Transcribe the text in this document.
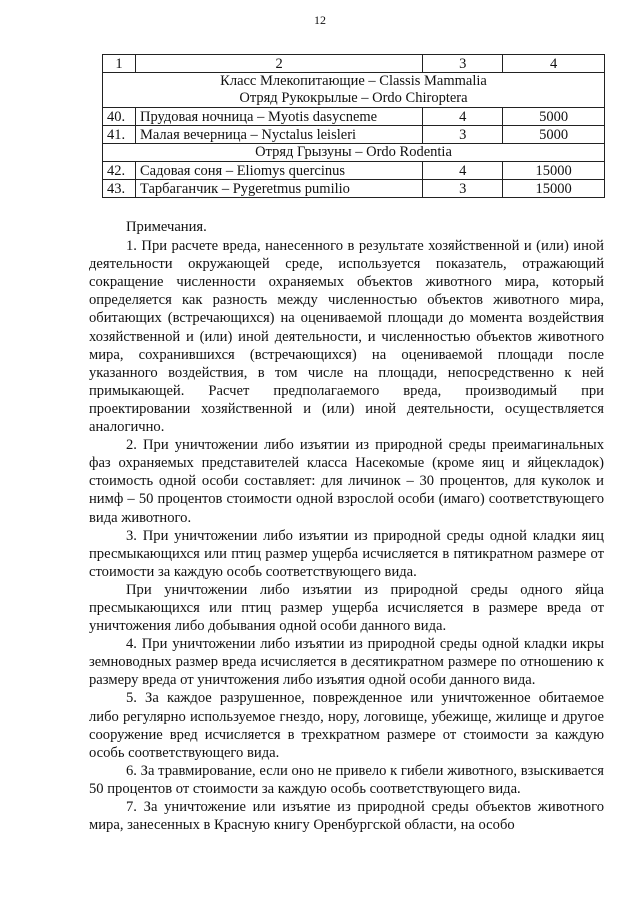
12
1	2	3	4

Класс Млекопитающие – Classis Mammalia
Отряд Рукокрылые – Ordo Chiroptera			

40.	Прудовая ночница – Myotis dasycneme	4	5000
41.	Малая вечерница – Nyctalus leisleri	3	5000
Отряд Грызуны – Ordo Rodentia			
42.	Садовая соня – Eliomys quercinus	4	15000
43.	Тарбаганчик – Pygeretmus pumilio	3	15000

Примечания.

1. При расчете вреда, нанесенного в результате хозяйственной и (или) иной деятельности окружающей среде, используется показатель, отражающий сокращение численности охраняемых объектов животного мира, который определяется как разность между численностью объектов животного мира, обитающих (встречающихся) на оцениваемой площади до момента воздействия хозяйственной и (или) иной деятельности, и численностью объектов животного мира, сохранившихся (встречающихся) на оцениваемой площади после указанного воздействия, в том числе на площади, непосредственно к ней примыкающей. Расчет предполагаемого вреда, производимый при проектировании хозяйственной и (или) иной деятельности, осуществляется аналогично.

2. При уничтожении либо изъятии из природной среды преимагинальных фаз охраняемых представителей класса Насекомые (кроме яиц и яйцекладок) стоимость одной особи составляет: для личинок – 30 процентов, для куколок и нимф – 50 процентов стоимости одной взрослой особи (имаго) соответствующего вида животного.

3. При уничтожении либо изъятии из природной среды одной кладки яиц пресмыкающихся или птиц размер ущерба исчисляется в пятикратном размере от стоимости за каждую особь соответствующего вида.

При уничтожении либо изъятии из природной среды одного яйца пресмыкающихся или птиц размер ущерба исчисляется в размере вреда от уничтожения либо добывания одной особи данного вида.

4. При уничтожении либо изъятии из природной среды одной кладки икры земноводных размер вреда исчисляется в десятикратном размере по отношению к размеру вреда от уничтожения либо изъятия одной особи данного вида.

5. За каждое разрушенное, поврежденное или уничтоженное обитаемое либо регулярно используемое гнездо, нору, логовище, убежище, жилище и другое сооружение вред исчисляется в трехкратном размере от стоимости за каждую особь соответствующего вида.

6. За травмирование, если оно не привело к гибели животного, взыскивается 50 процентов от стоимости за каждую особь соответствующего вида.

7. За уничтожение или изъятие из природной среды объектов животного мира, занесенных в Красную книгу Оренбургской области, на особо
